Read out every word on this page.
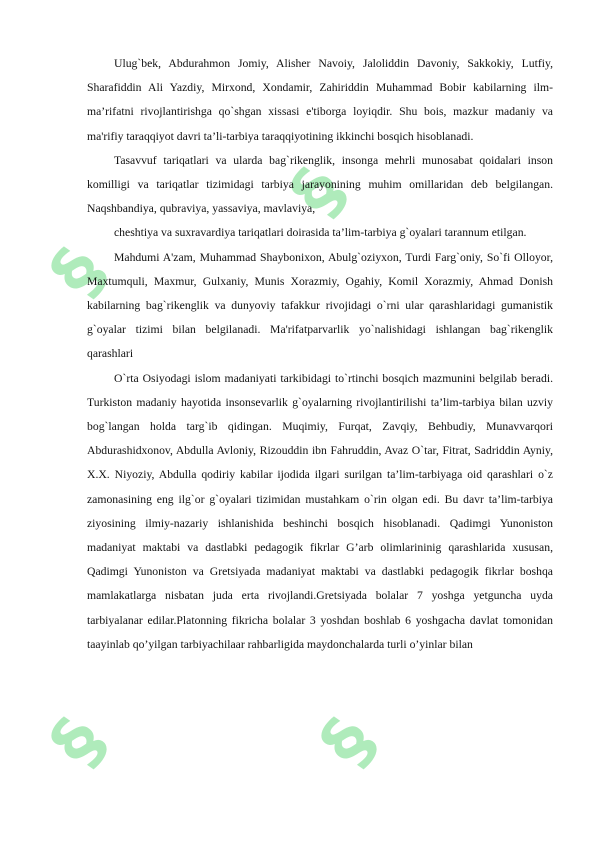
§
§
§	§

Ulug`bek, Abdurahmon Jomiy, Alisher Navoiy, Jaloliddin Davoniy, Sakkokiy, Lutfiy, Sharafiddin Ali Yazdiy, Mirxond, Xondamir, Zahiriddin Muhammad Bobir kabilarning ilm-ma’rifatni rivojlantirishga qo`shgan xissasi e'tiborga loyiqdir. Shu bois, mazkur madaniy va ma'rifiy taraqqiyot davri ta’li-tarbiya taraqqiyotining ikkinchi bosqich hisoblanadi.

Tasavvuf tariqatlari va ularda bag`rikenglik, insonga mehrli munosabat qoidalari inson komilligi va tariqatlar tizimidagi tarbiya jarayonining muhim omillaridan deb belgilangan. Naqshbandiya, qubraviya, yassaviya, mavlaviya,

cheshtiya va suxravardiya tariqatlari doirasida ta’lim-tarbiya g`oyalari tarannum etilgan.

Mahdumi A'zam, Muhammad Shaybonixon, Abulg`oziyxon, Turdi Farg`oniy, So`fi Olloyor, Maxtumquli, Maxmur, Gulxaniy, Munis Xorazmiy, Ogahiy, Komil Xorazmiy, Ahmad Donish kabilarning bag`rikenglik va dunyoviy tafakkur rivojidagi o`rni ular qarashlaridagi gumanistik g`oyalar tizimi bilan belgilanadi. Ma'rifatparvarlik yo`nalishidagi ishlangan bag`rikenglik qarashlari

O`rta Osiyodagi islom madaniyati tarkibidagi to`rtinchi bosqich mazmunini belgilab beradi. Turkiston madaniy hayotida insonsevarlik g`oyalarning rivojlantirilishi ta’lim-tarbiya bilan uzviy bog`langan holda targ`ib qidingan. Muqimiy, Furqat, Zavqiy, Behbudiy, Munavvarqori Abdurashidxonov, Abdulla Avloniy, Rizouddin ibn Fahruddin, Avaz O`tar, Fitrat, Sadriddin Ayniy, X.X. Niyoziy, Abdulla qodiriy kabilar ijodida ilgari surilgan ta’lim-tarbiyaga oid qarashlari o`z zamonasining eng ilg`or g`oyalari tizimidan mustahkam o`rin olgan edi. Bu davr ta’lim-tarbiya ziyosining ilmiy-nazariy ishlanishida beshinchi bosqich hisoblanadi. Qadimgi Yunoniston madaniyat maktabi va dastlabki pedagogik fikrlar G’arb olimlarininig qarashlarida xususan, Qadimgi Yunoniston va Gretsiyada madaniyat maktabi va dastlabki pedagogik fikrlar boshqa mamlakatlarga nisbatan juda erta rivojlandi.Gretsiyada bolalar 7 yoshga yetguncha uyda tarbiyalanar edilar.Platonning fikricha bolalar 3 yoshdan boshlab 6 yoshgacha davlat tomonidan taayinlab qo’yilgan tarbiyachilaar rahbarligida maydonchalarda turli o’yinlar bilan
